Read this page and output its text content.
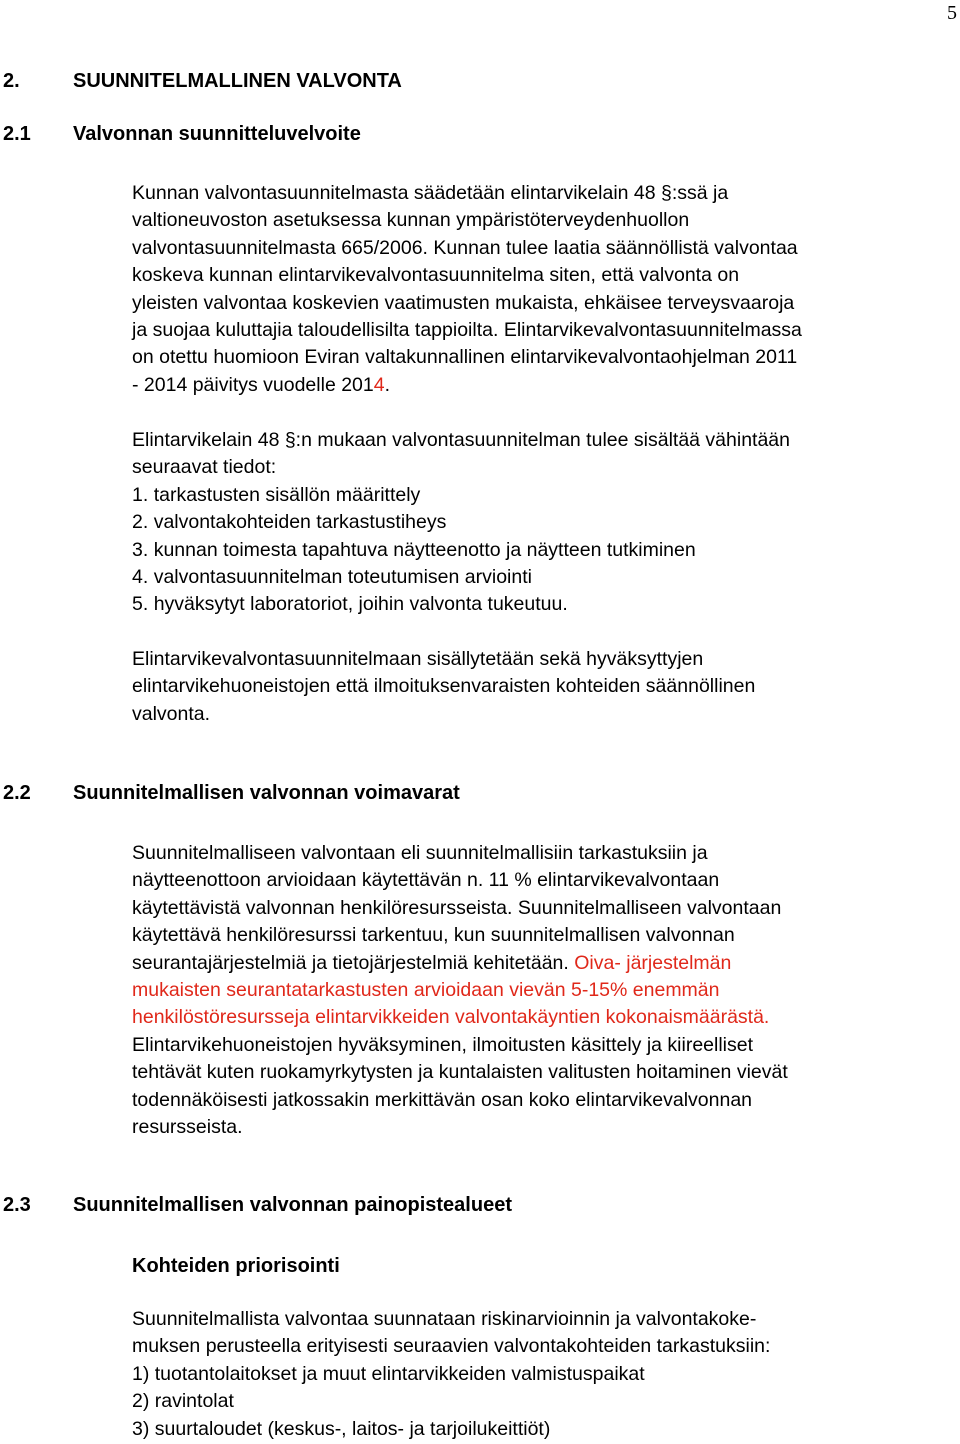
5
2.	SUUNNITELMALLINEN VALVONTA
2.1 Valvonnan suunnitteluvelvoite
Kunnan valvontasuunnitelmasta säädetään elintarvikelain 48 §:ssä ja
valtioneuvoston asetuksessa kunnan ympäristöterveydenhuollon
valvontasuunnitelmasta 665/2006. Kunnan tulee laatia säännöllistä valvontaa
koskeva kunnan elintarvikevalvontasuunnitelma siten, että valvonta on
yleisten valvontaa koskevien vaatimusten mukaista, ehkäisee terveysvaaroja
ja suojaa kuluttajia taloudellisilta tappioilta. Elintarvikevalvontasuunnitelmassa
on otettu huomioon Eviran valtakunnallinen elintarvikevalvontaohjelman 2011
- 2014 päivitys vuodelle 2014.
Elintarvikelain 48 §:n mukaan valvontasuunnitelman tulee sisältää vähintään
seuraavat tiedot:
1. tarkastusten sisällön määrittely
2. valvontakohteiden tarkastustiheys
3. kunnan toimesta tapahtuva näytteenotto ja näytteen tutkiminen
4. valvontasuunnitelman toteutumisen arviointi
5. hyväksytyt laboratoriot, joihin valvonta tukeutuu.
Elintarvikevalvontasuunnitelmaan sisällytetään sekä hyväksyttyjen
elintarvikehuoneistojen että ilmoituksenvaraisten kohteiden säännöllinen
valvonta.
2.2 Suunnitelmallisen valvonnan voimavarat
Suunnitelmalliseen valvontaan eli suunnitelmallisiin tarkastuksiin ja
näytteenottoon arvioidaan käytettävän n. 11 % elintarvikevalvontaan
käytettävistä valvonnan henkilöresursseista. Suunnitelmalliseen valvontaan
käytettävä henkilöresurssi tarkentuu, kun suunnitelmallisen valvonnan
seurantajärjestelmiä ja tietojärjestelmiä kehitetään. Oiva- järjestelmän
mukaisten seurantatarkastusten arvioidaan vievän 5-15% enemmän
henkilöstöresursseja elintarvikkeiden valvontakäyntien kokonaismäärästä.
Elintarvikehuoneistojen hyväksyminen, ilmoitusten käsittely ja kiireelliset
tehtävät kuten ruokamyrkytysten ja kuntalaisten valitusten hoitaminen vievät
todennäköisesti jatkossakin merkittävän osan koko elintarvikevalvonnan
resursseista.
2.3 Suunnitelmallisen valvonnan painopistealueet
Kohteiden priorisointi
Suunnitelmallista valvontaa suunnataan riskinarvioinnin ja valvontakoke-
muksen perusteella erityisesti seuraavien valvontakohteiden tarkastuksiin:
1) tuotantolaitokset ja muut elintarvikkeiden valmistuspaikat
2) ravintolat
3) suurtaloudet (keskus-, laitos- ja tarjoilukeittiöt)
